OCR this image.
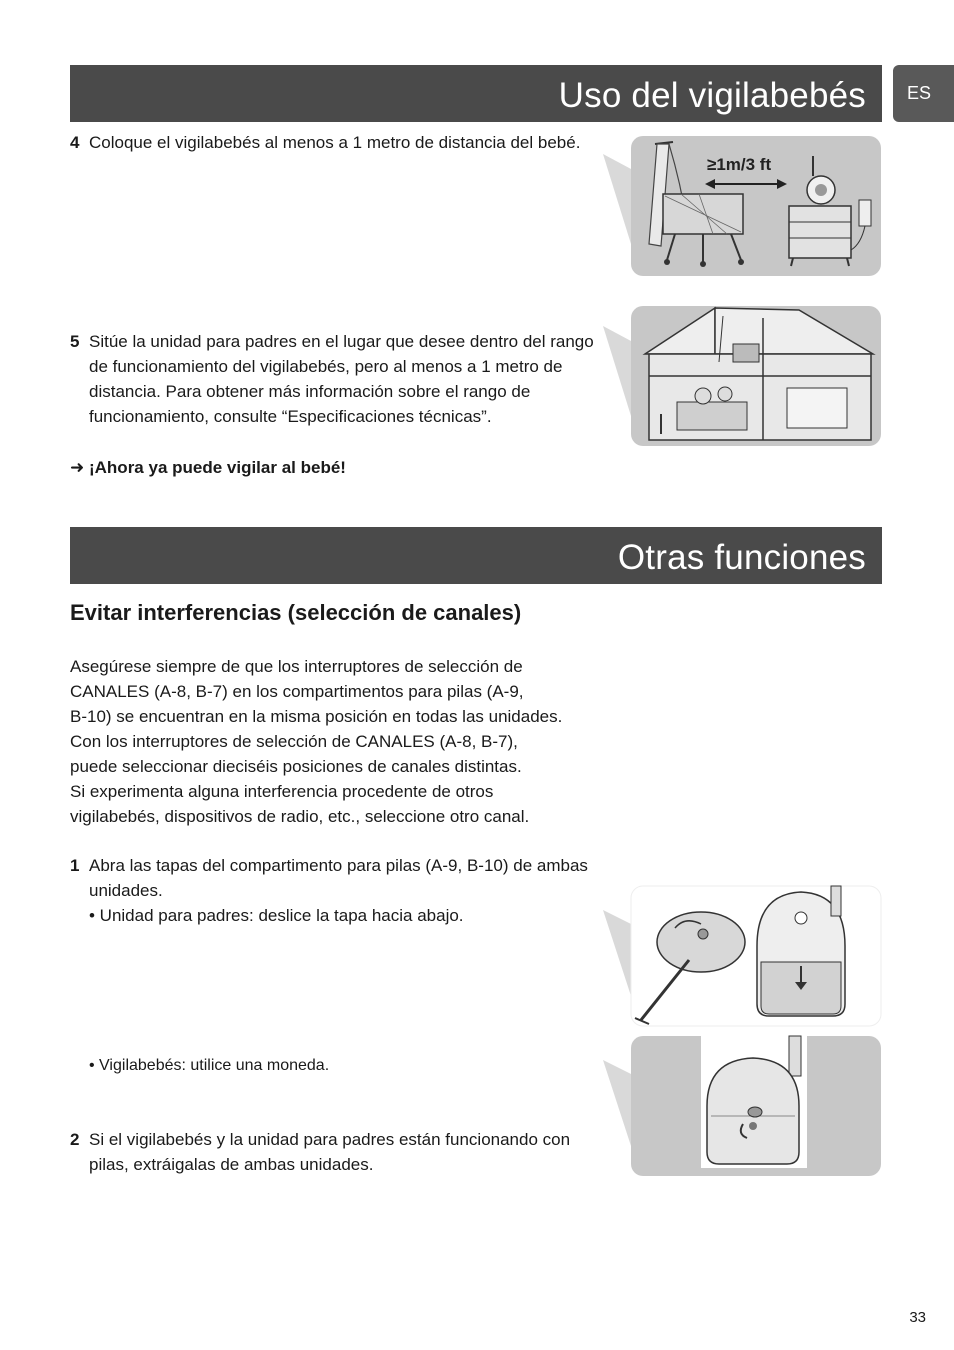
Uso del vigilabebés	ES
4 Coloque el vigilabebés al menos a 1 metro de distancia del bebé.
≥1m/3 ft
5 Sitúe la unidad para padres en el lugar que desee dentro del rango de funcionamiento del vigilabebés, pero al menos a 1 metro de distancia. Para obtener más información sobre el rango de funcionamiento, consulte “Especificaciones técnicas”.
➜ ¡Ahora ya puede vigilar al bebé!
Otras funciones
Evitar interferencias (selección de canales)
Asegúrese siempre de que los interruptores de selección de
CANALES (A-8, B-7) en los compartimentos para pilas (A-9,
B-10) se encuentran en la misma posición en todas las unidades.
Con los interruptores de selección de CANALES (A-8, B-7),
puede seleccionar dieciséis posiciones de canales distintas.
Si experimenta alguna interferencia procedente de otros
vigilabebés, dispositivos de radio, etc., seleccione otro canal.
1 Abra las tapas del compartimento para pilas (A-9, B-10) de ambas unidades.
• Unidad para padres: deslice la tapa hacia abajo.
• Vigilabebés: utilice una moneda.
2 Si el vigilabebés y la unidad para padres están funcionando con pilas, extráigalas de ambas unidades.
33
